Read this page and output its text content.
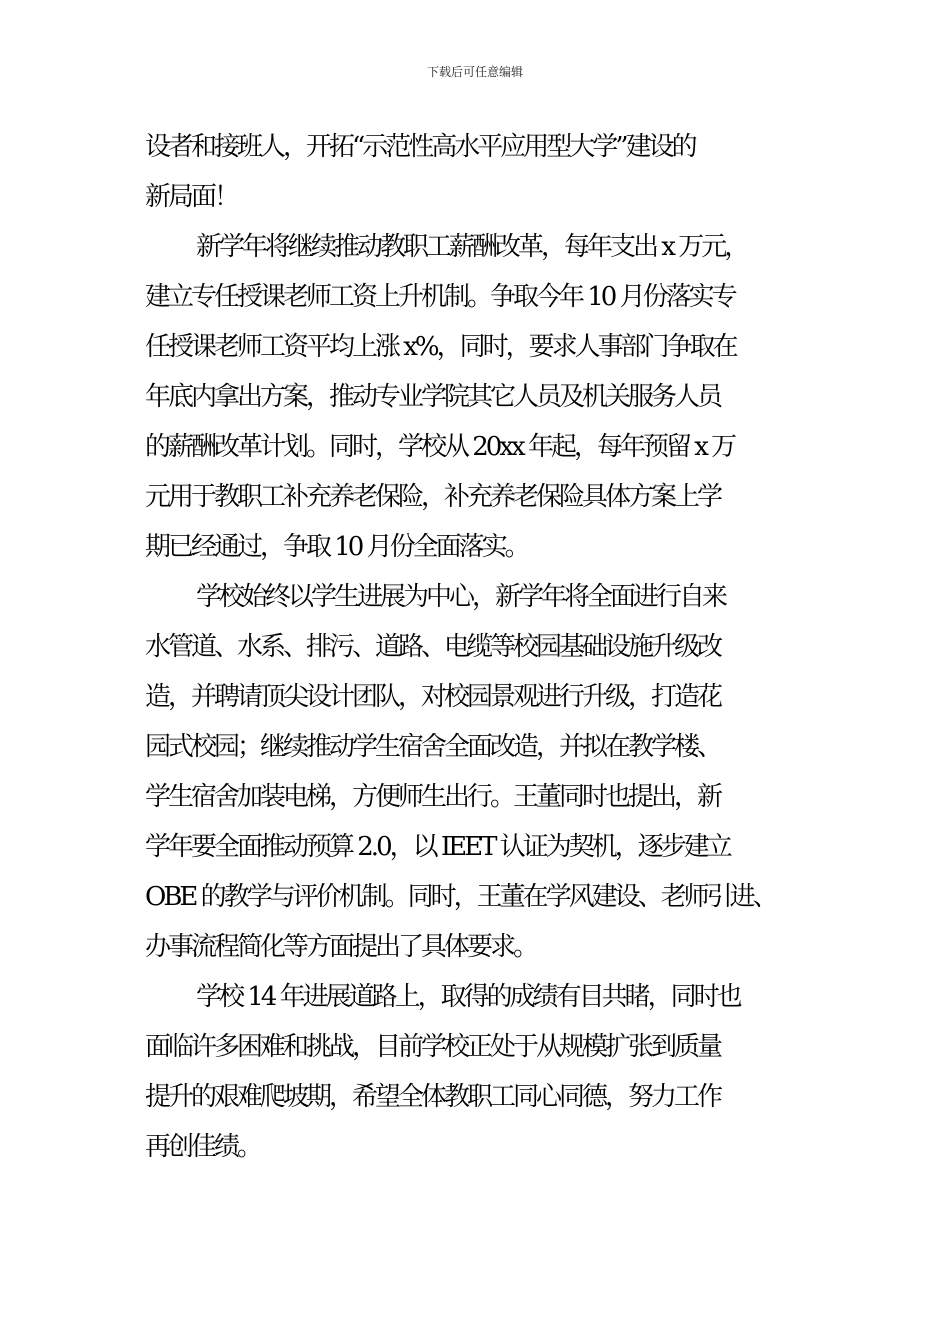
下载后可任意编辑
设者和接班人，开拓“示范性高水平应用型大学”建设的
新局面！
新学年将继续推动教职工薪酬改革，每年支出 x 万元，
建立专任授课老师工资上升机制。争取今年 10 月份落实专
任授课老师工资平均上涨 x%，同时，要求人事部门争取在
年底内拿出方案，推动专业学院其它人员及机关服务人员
的薪酬改革计划。同时，学校从 20xx 年起，每年预留 x 万
元用于教职工补充养老保险，补充养老保险具体方案上学
期已经通过，争取 10 月份全面落实。
学校始终以学生进展为中心，新学年将全面进行自来
水管道、水系、排污、道路、电缆等校园基础设施升级改
造，并聘请顶尖设计团队，对校园景观进行升级，打造花
园式校园；继续推动学生宿舍全面改造，并拟在教学楼、
学生宿舍加装电梯，方便师生出行。王董同时也提出，新
学年要全面推动预算 2.0，以 IEET 认证为契机，逐步建立
OBE 的教学与评价机制。同时，王董在学风建设、老师引进、
办事流程简化等方面提出了具体要求。
学校 14 年进展道路上，取得的成绩有目共睹，同时也
面临许多困难和挑战，目前学校正处于从规模扩张到质量
提升的艰难爬坡期，希望全体教职工同心同德，努力工作
再创佳绩。
